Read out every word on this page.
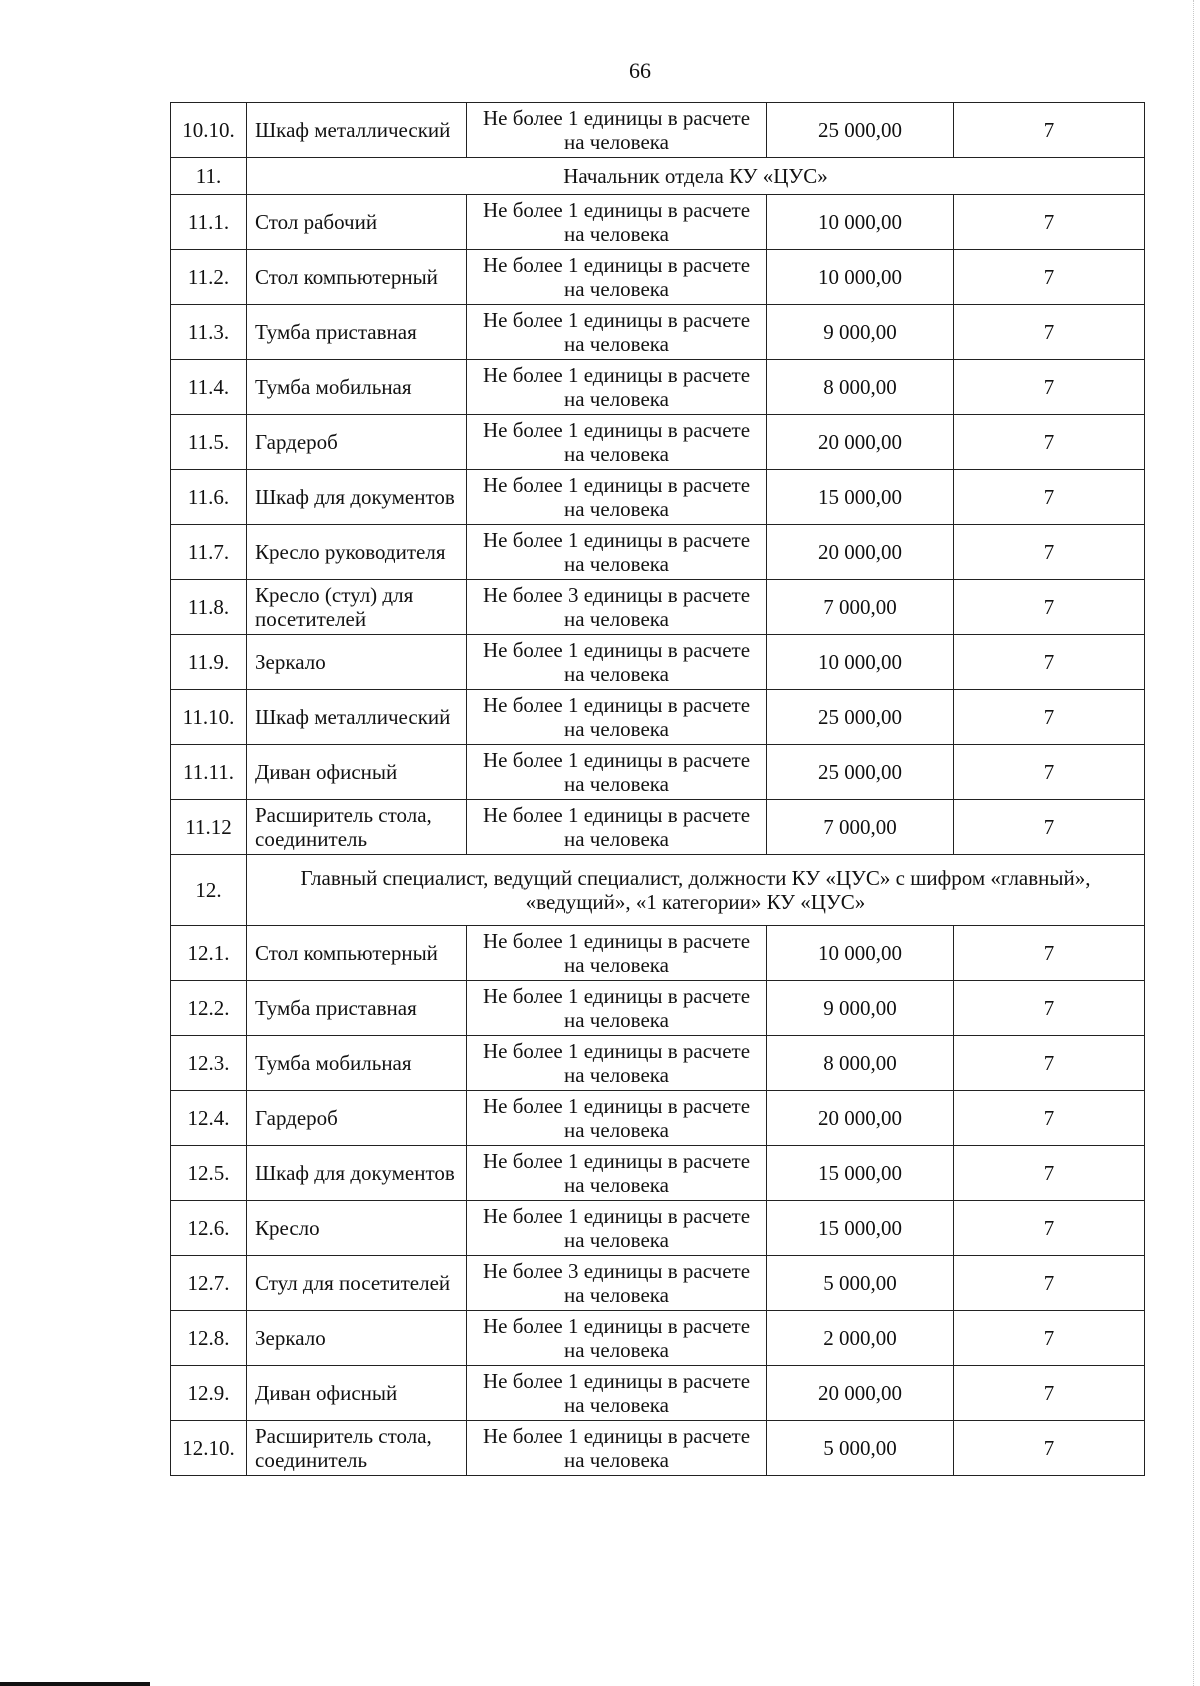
66
10.10.	Шкаф металлический	Не более 1 единицы в расчете на человека	25 000,00	7
11.	Начальник отдела КУ «ЦУС»			
11.1.	Стол рабочий	Не более 1 единицы в расчете на человека	10 000,00	7
11.2.	Стол компьютерный	Не более 1 единицы в расчете на человека	10 000,00	7
11.3.	Тумба приставная	Не более 1 единицы в расчете на человека	9 000,00	7
11.4.	Тумба мобильная	Не более 1 единицы в расчете на человека	8 000,00	7
11.5.	Гардероб	Не более 1 единицы в расчете на человека	20 000,00	7
11.6.	Шкаф для документов	Не более 1 единицы в расчете на человека	15 000,00	7
11.7.	Кресло руководителя	Не более 1 единицы в расчете на человека	20 000,00	7
11.8.	Кресло (стул) для посетителей	Не более 3 единицы в расчете на человека	7 000,00	7
11.9.	Зеркало	Не более 1 единицы в расчете на человека	10 000,00	7
11.10.	Шкаф металлический	Не более 1 единицы в расчете на человека	25 000,00	7
11.11.	Диван офисный	Не более 1 единицы в расчете на человека	25 000,00	7
11.12	Расширитель стола, соединитель	Не более 1 единицы в расчете на человека	7 000,00	7
12.	Главный специалист, ведущий специалист, должности КУ «ЦУС» с шифром «главный», «ведущий», «1 категории» КУ «ЦУС»			
12.1.	Стол компьютерный	Не более 1 единицы в расчете на человека	10 000,00	7
12.2.	Тумба приставная	Не более 1 единицы в расчете на человека	9 000,00	7
12.3.	Тумба мобильная	Не более 1 единицы в расчете на человека	8 000,00	7
12.4.	Гардероб	Не более 1 единицы в расчете на человека	20 000,00	7
12.5.	Шкаф для документов	Не более 1 единицы в расчете на человека	15 000,00	7
12.6.	Кресло	Не более 1 единицы в расчете на человека	15 000,00	7
12.7.	Стул для посетителей	Не более 3 единицы в расчете на человека	5 000,00	7
12.8.	Зеркало	Не более 1 единицы в расчете на человека	2 000,00	7
12.9.	Диван офисный	Не более 1 единицы в расчете на человека	20 000,00	7
12.10.	Расширитель стола, соединитель	Не более 1 единицы в расчете на человека	5 000,00	7
